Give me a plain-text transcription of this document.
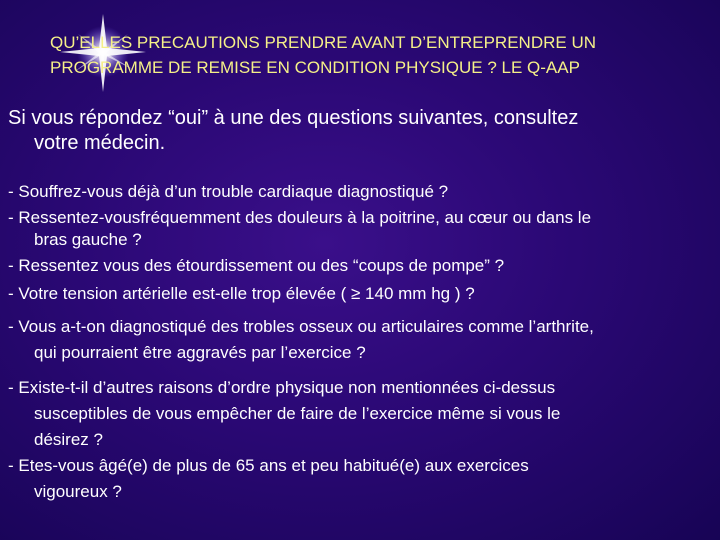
QU’ELLES PRECAUTIONS PRENDRE AVANT D’ENTREPRENDRE UN
PROGRAMME DE REMISE EN CONDITION PHYSIQUE ? LE Q-AAP
Si vous répondez “oui” à une des questions suivantes, consultez
votre médecin.
- Souffrez-vous déjà d’un trouble cardiaque diagnostiqué ?
- Ressentez-vousfréquemment des douleurs à la poitrine, au cœur ou dans le
bras gauche ?
- Ressentez vous des étourdissement ou des “coups de pompe” ?
- Votre tension artérielle est-elle trop élevée ( ≥ 140 mm hg ) ?
- Vous a-t-on diagnostiqué des trobles osseux ou articulaires comme l’arthrite,
qui pourraient être aggravés par l’exercice ?
- Existe-t-il d’autres raisons d’ordre physique non mentionnées ci-dessus
susceptibles de vous empêcher de faire de l’exercice même si vous le
désirez ?
- Etes-vous âgé(e) de plus de 65 ans et peu habitué(e) aux exercices
vigoureux ?
